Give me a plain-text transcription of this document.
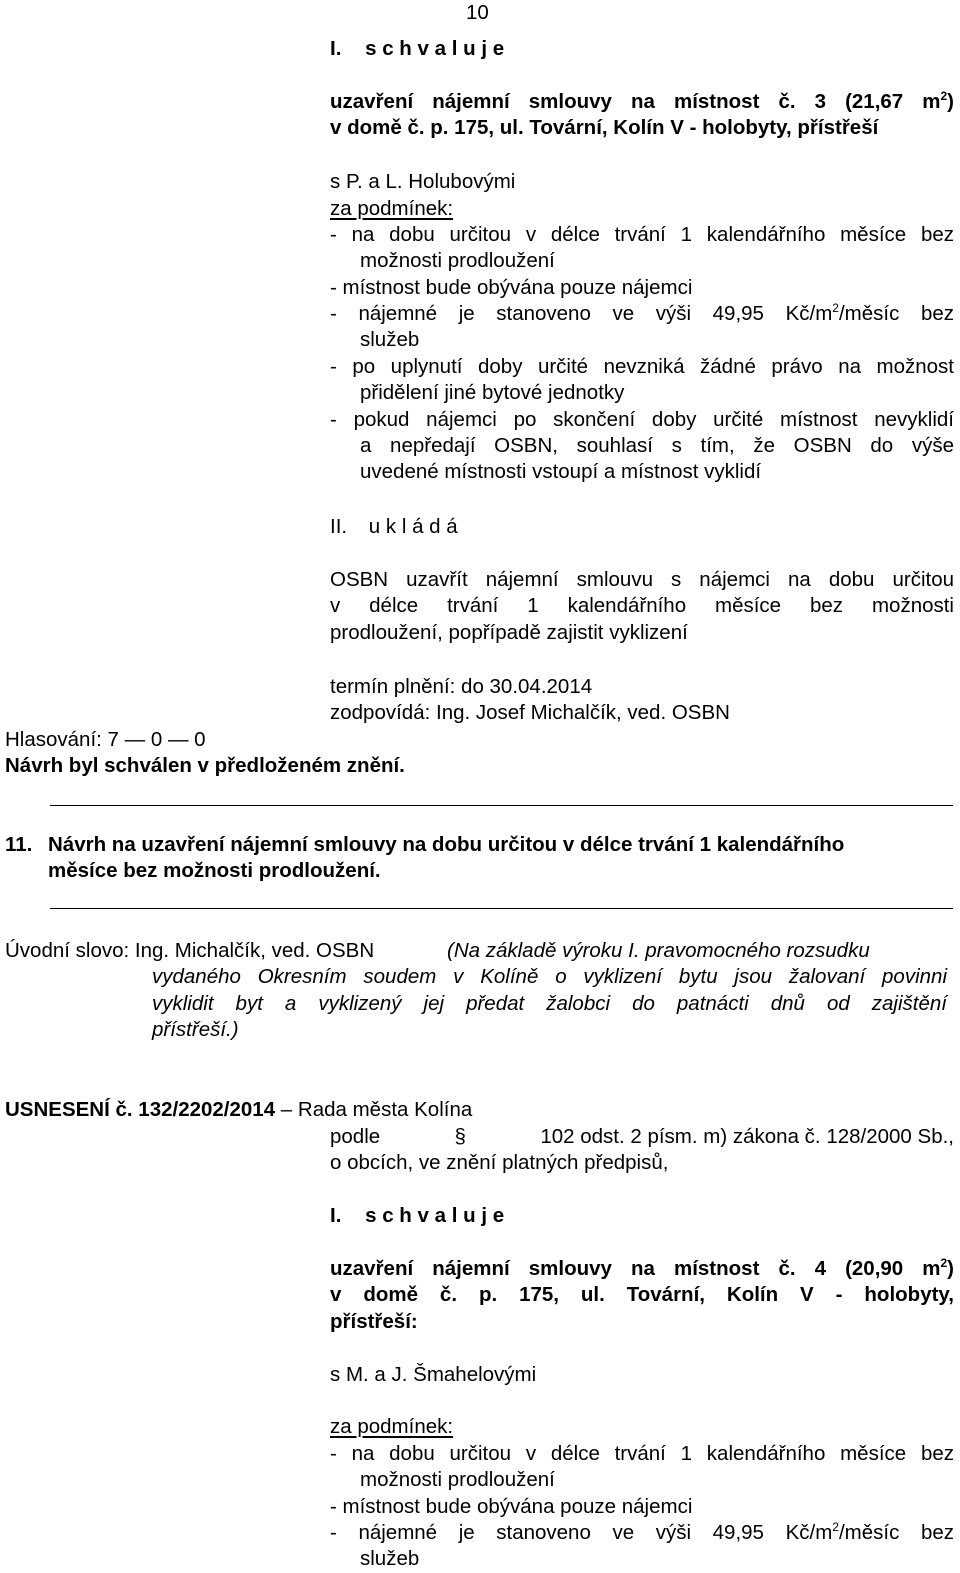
10
I. s c h v a l u j e
uzavření nájemní smlouvy na místnost č. 3 (21,67 $m^2$)
v domě č. p. 175, ul. Tovární, Kolín V - holobyty, přístřeší
s P. a L. Holubovými
za podmínek:
- na dobu určitou v délce trvání 1 kalendářního měsíce bez
možnosti prodloužení
- místnost bude obývána pouze nájemci
- nájemné je stanoveno ve výši 49,95 $Kč/m^2$/měsíc bez
služeb
- po uplynutí doby určité nevzniká žádné právo na možnost
přidělení jiné bytové jednotky
- pokud nájemci po skončení doby určité místnost nevyklidí
a nepředají OSBN, souhlasí s tím, že OSBN do výše
uvedené místnosti vstoupí a místnost vyklidí
II. u k l á d á
OSBN uzavřít nájemní smlouvu s nájemci na dobu určitou
v délce trvání 1 kalendářního měsíce bez možnosti
prodloužení, popřípadě zajistit vyklizení
termín plnění: do 30.04.2014
zodpovídá: Ing. Josef Michalčík, ved. OSBN
Hlasování: 7 — 0 — 0
Návrh byl schválen v předloženém znění.
11. Návrh na uzavření nájemní smlouvy na dobu určitou v délce trvání 1 kalendářního
měsíce bez možnosti prodloužení.
Úvodní slovo: Ing. Michalčík, ved. OSBN	(Na základě výroku I. pravomocného rozsudku
vydaného Okresním soudem v Kolíně o vyklizení bytu jsou žalovaní povinni
vyklidit byt a vyklizený jej předat žalobci do patnácti dnů od zajištění
přístřeší.)
USNESENÍ č. 132/2202/2014 – Rada města Kolína
podle	§	102 odst. 2 písm. m) zákona č. 128/2000 Sb.,
o obcích, ve znění platných předpisů,
I. s c h v a l u j e
uzavření nájemní smlouvy na místnost č. 4 (20,90 $m^2$)
v domě č. p. 175, ul. Tovární, Kolín V - holobyty,
přístřeší:
s M. a J. Šmahelovými
za podmínek:
- na dobu určitou v délce trvání 1 kalendářního měsíce bez
možnosti prodloužení
- místnost bude obývána pouze nájemci
- nájemné je stanoveno ve výši 49,95 $Kč/m^2$/měsíc bez
služeb
